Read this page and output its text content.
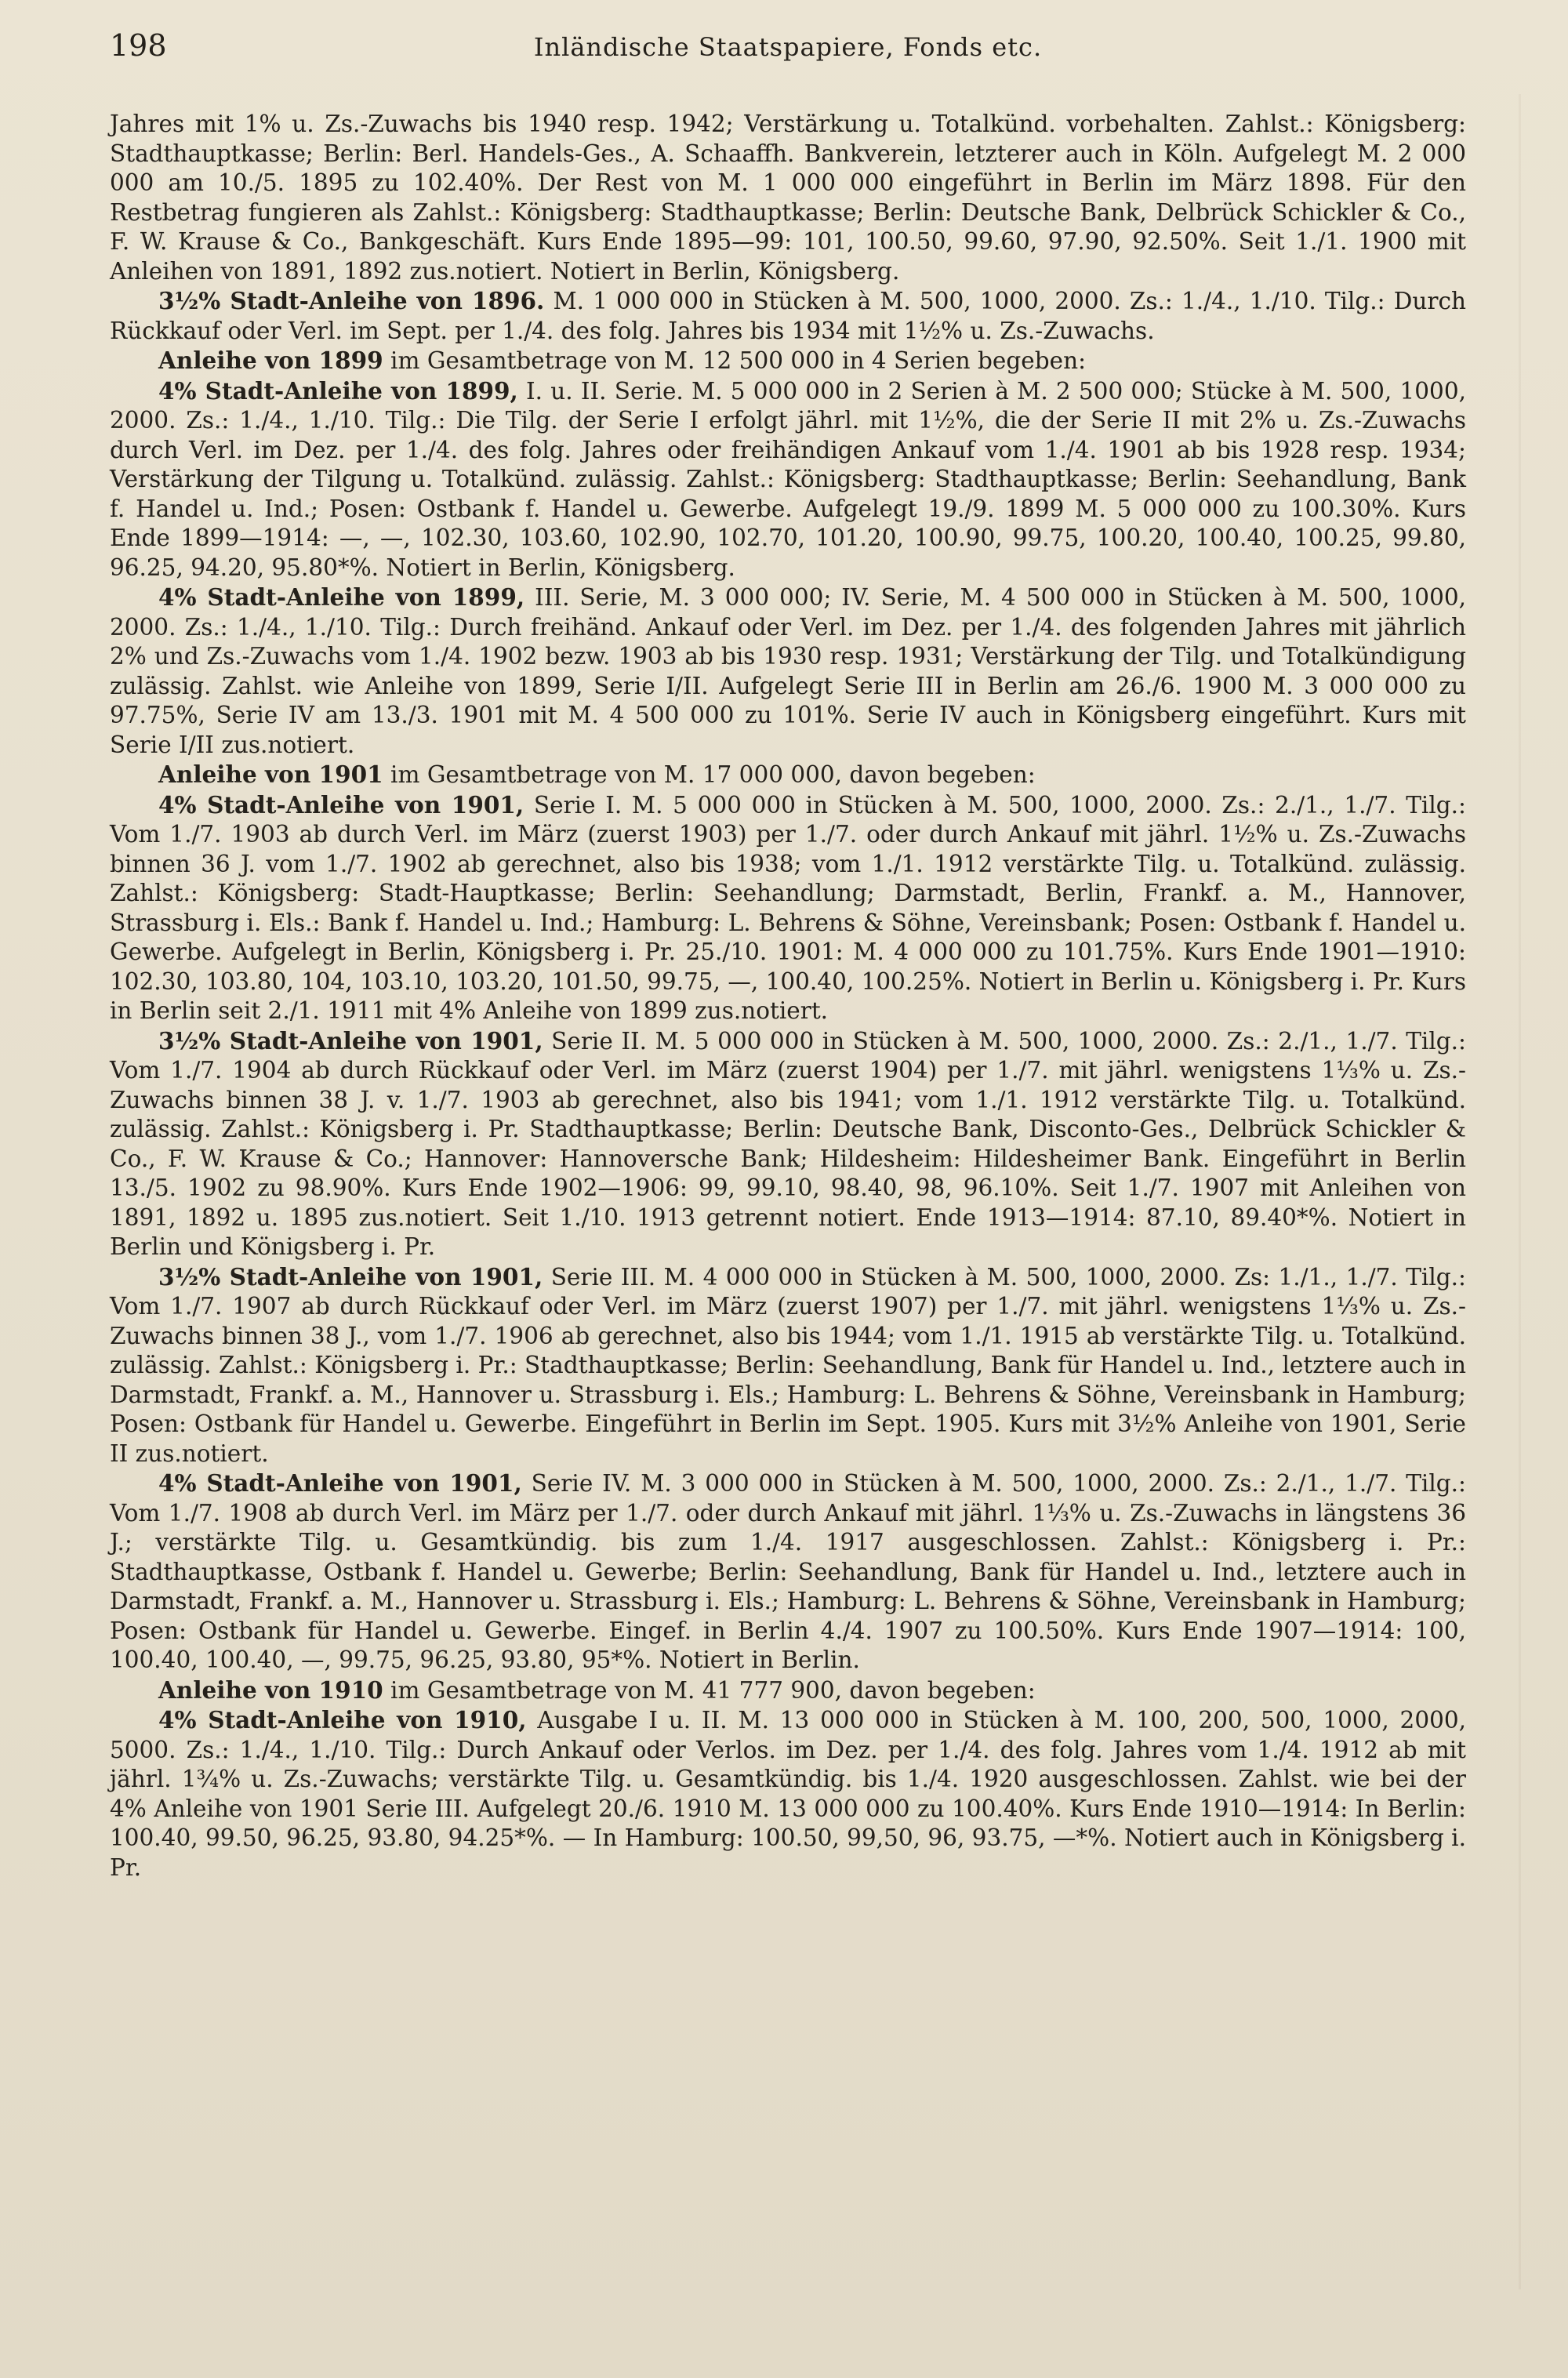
198	Inländische Staatspapiere, Fonds etc.

Jahres mit 1% u. Zs.-Zuwachs bis 1940 resp. 1942; Verstärkung u. Totalkünd. vorbehalten. Zahlst.: Königsberg: Stadthauptkasse; Berlin: Berl. Handels-Ges., A. Schaaffh. Bankverein, letzterer auch in Köln. Aufgelegt M. 2 000 000 am 10./5. 1895 zu 102.40%. Der Rest von M. 1 000 000 eingeführt in Berlin im März 1898. Für den Restbetrag fungieren als Zahlst.: Königsberg: Stadthauptkasse; Berlin: Deutsche Bank, Delbrück Schickler & Co., F. W. Krause & Co., Bankgeschäft. Kurs Ende 1895—99: 101, 100.50, 99.60, 97.90, 92.50%. Seit 1./1. 1900 mit Anleihen von 1891, 1892 zus.notiert. Notiert in Berlin, Königsberg.

3½% Stadt-Anleihe von 1896. M. 1 000 000 in Stücken à M. 500, 1000, 2000. Zs.: 1./4., 1./10. Tilg.: Durch Rückkauf oder Verl. im Sept. per 1./4. des folg. Jahres bis 1934 mit 1½% u. Zs.-Zuwachs.

Anleihe von 1899 im Gesamtbetrage von M. 12 500 000 in 4 Serien begeben:

4% Stadt-Anleihe von 1899, I. u. II. Serie. M. 5 000 000 in 2 Serien à M. 2 500 000; Stücke à M. 500, 1000, 2000. Zs.: 1./4., 1./10. Tilg.: Die Tilg. der Serie I erfolgt jährl. mit 1½%, die der Serie II mit 2% u. Zs.-Zuwachs durch Verl. im Dez. per 1./4. des folg. Jahres oder freihändigen Ankauf vom 1./4. 1901 ab bis 1928 resp. 1934; Verstärkung der Tilgung u. Totalkünd. zulässig. Zahlst.: Königsberg: Stadthauptkasse; Berlin: Seehandlung, Bank f. Handel u. Ind.; Posen: Ostbank f. Handel u. Gewerbe. Aufgelegt 19./9. 1899 M. 5 000 000 zu 100.30%. Kurs Ende 1899—1914: —, —, 102.30, 103.60, 102.90, 102.70, 101.20, 100.90, 99.75, 100.20, 100.40, 100.25, 99.80, 96.25, 94.20, 95.80*%. Notiert in Berlin, Königsberg.

4% Stadt-Anleihe von 1899, III. Serie, M. 3 000 000; IV. Serie, M. 4 500 000 in Stücken à M. 500, 1000, 2000. Zs.: 1./4., 1./10. Tilg.: Durch freihänd. Ankauf oder Verl. im Dez. per 1./4. des folgenden Jahres mit jährlich 2% und Zs.-Zuwachs vom 1./4. 1902 bezw. 1903 ab bis 1930 resp. 1931; Verstärkung der Tilg. und Totalkündigung zulässig. Zahlst. wie Anleihe von 1899, Serie I/II. Aufgelegt Serie III in Berlin am 26./6. 1900 M. 3 000 000 zu 97.75%, Serie IV am 13./3. 1901 mit M. 4 500 000 zu 101%. Serie IV auch in Königsberg eingeführt. Kurs mit Serie I/II zus.notiert.

Anleihe von 1901 im Gesamtbetrage von M. 17 000 000, davon begeben:

4% Stadt-Anleihe von 1901, Serie I. M. 5 000 000 in Stücken à M. 500, 1000, 2000. Zs.: 2./1., 1./7. Tilg.: Vom 1./7. 1903 ab durch Verl. im März (zuerst 1903) per 1./7. oder durch Ankauf mit jährl. 1½% u. Zs.-Zuwachs binnen 36 J. vom 1./7. 1902 ab gerechnet, also bis 1938; vom 1./1. 1912 verstärkte Tilg. u. Totalkünd. zulässig. Zahlst.: Königsberg: Stadt-Hauptkasse; Berlin: Seehandlung; Darmstadt, Berlin, Frankf. a. M., Hannover, Strassburg i. Els.: Bank f. Handel u. Ind.; Hamburg: L. Behrens & Söhne, Vereinsbank; Posen: Ostbank f. Handel u. Gewerbe. Aufgelegt in Berlin, Königsberg i. Pr. 25./10. 1901: M. 4 000 000 zu 101.75%. Kurs Ende 1901—1910: 102.30, 103.80, 104, 103.10, 103.20, 101.50, 99.75, —, 100.40, 100.25%. Notiert in Berlin u. Königsberg i. Pr. Kurs in Berlin seit 2./1. 1911 mit 4% Anleihe von 1899 zus.notiert.

3½% Stadt-Anleihe von 1901, Serie II. M. 5 000 000 in Stücken à M. 500, 1000, 2000. Zs.: 2./1., 1./7. Tilg.: Vom 1./7. 1904 ab durch Rückkauf oder Verl. im März (zuerst 1904) per 1./7. mit jährl. wenigstens 1⅓% u. Zs.-Zuwachs binnen 38 J. v. 1./7. 1903 ab gerechnet, also bis 1941; vom 1./1. 1912 verstärkte Tilg. u. Totalkünd. zulässig. Zahlst.: Königsberg i. Pr. Stadthauptkasse; Berlin: Deutsche Bank, Disconto-Ges., Delbrück Schickler & Co., F. W. Krause & Co.; Hannover: Hannoversche Bank; Hildesheim: Hildesheimer Bank. Eingeführt in Berlin 13./5. 1902 zu 98.90%. Kurs Ende 1902—1906: 99, 99.10, 98.40, 98, 96.10%. Seit 1./7. 1907 mit Anleihen von 1891, 1892 u. 1895 zus.notiert. Seit 1./10. 1913 getrennt notiert. Ende 1913—1914: 87.10, 89.40*%. Notiert in Berlin und Königsberg i. Pr.

3½% Stadt-Anleihe von 1901, Serie III. M. 4 000 000 in Stücken à M. 500, 1000, 2000. Zs: 1./1., 1./7. Tilg.: Vom 1./7. 1907 ab durch Rückkauf oder Verl. im März (zuerst 1907) per 1./7. mit jährl. wenigstens 1⅓% u. Zs.-Zuwachs binnen 38 J., vom 1./7. 1906 ab gerechnet, also bis 1944; vom 1./1. 1915 ab verstärkte Tilg. u. Totalkünd. zulässig. Zahlst.: Königsberg i. Pr.: Stadthauptkasse; Berlin: Seehandlung, Bank für Handel u. Ind., letztere auch in Darmstadt, Frankf. a. M., Hannover u. Strassburg i. Els.; Hamburg: L. Behrens & Söhne, Vereinsbank in Hamburg; Posen: Ostbank für Handel u. Gewerbe. Eingeführt in Berlin im Sept. 1905. Kurs mit 3½% Anleihe von 1901, Serie II zus.notiert.

4% Stadt-Anleihe von 1901, Serie IV. M. 3 000 000 in Stücken à M. 500, 1000, 2000. Zs.: 2./1., 1./7. Tilg.: Vom 1./7. 1908 ab durch Verl. im März per 1./7. oder durch Ankauf mit jährl. 1⅓% u. Zs.-Zuwachs in längstens 36 J.; verstärkte Tilg. u. Gesamtkündig. bis zum 1./4. 1917 ausgeschlossen. Zahlst.: Königsberg i. Pr.: Stadthauptkasse, Ostbank f. Handel u. Gewerbe; Berlin: Seehandlung, Bank für Handel u. Ind., letztere auch in Darmstadt, Frankf. a. M., Hannover u. Strassburg i. Els.; Hamburg: L. Behrens & Söhne, Vereinsbank in Hamburg; Posen: Ostbank für Handel u. Gewerbe. Eingef. in Berlin 4./4. 1907 zu 100.50%. Kurs Ende 1907—1914: 100, 100.40, 100.40, —, 99.75, 96.25, 93.80, 95*%. Notiert in Berlin.

Anleihe von 1910 im Gesamtbetrage von M. 41 777 900, davon begeben:

4% Stadt-Anleihe von 1910, Ausgabe I u. II. M. 13 000 000 in Stücken à M. 100, 200, 500, 1000, 2000, 5000. Zs.: 1./4., 1./10. Tilg.: Durch Ankauf oder Verlos. im Dez. per 1./4. des folg. Jahres vom 1./4. 1912 ab mit jährl. 1¾% u. Zs.-Zuwachs; verstärkte Tilg. u. Gesamtkündig. bis 1./4. 1920 ausgeschlossen. Zahlst. wie bei der 4% Anleihe von 1901 Serie III. Aufgelegt 20./6. 1910 M. 13 000 000 zu 100.40%. Kurs Ende 1910—1914: In Berlin: 100.40, 99.50, 96.25, 93.80, 94.25*%. — In Hamburg: 100.50, 99,50, 96, 93.75, —*%. Notiert auch in Königsberg i. Pr.
